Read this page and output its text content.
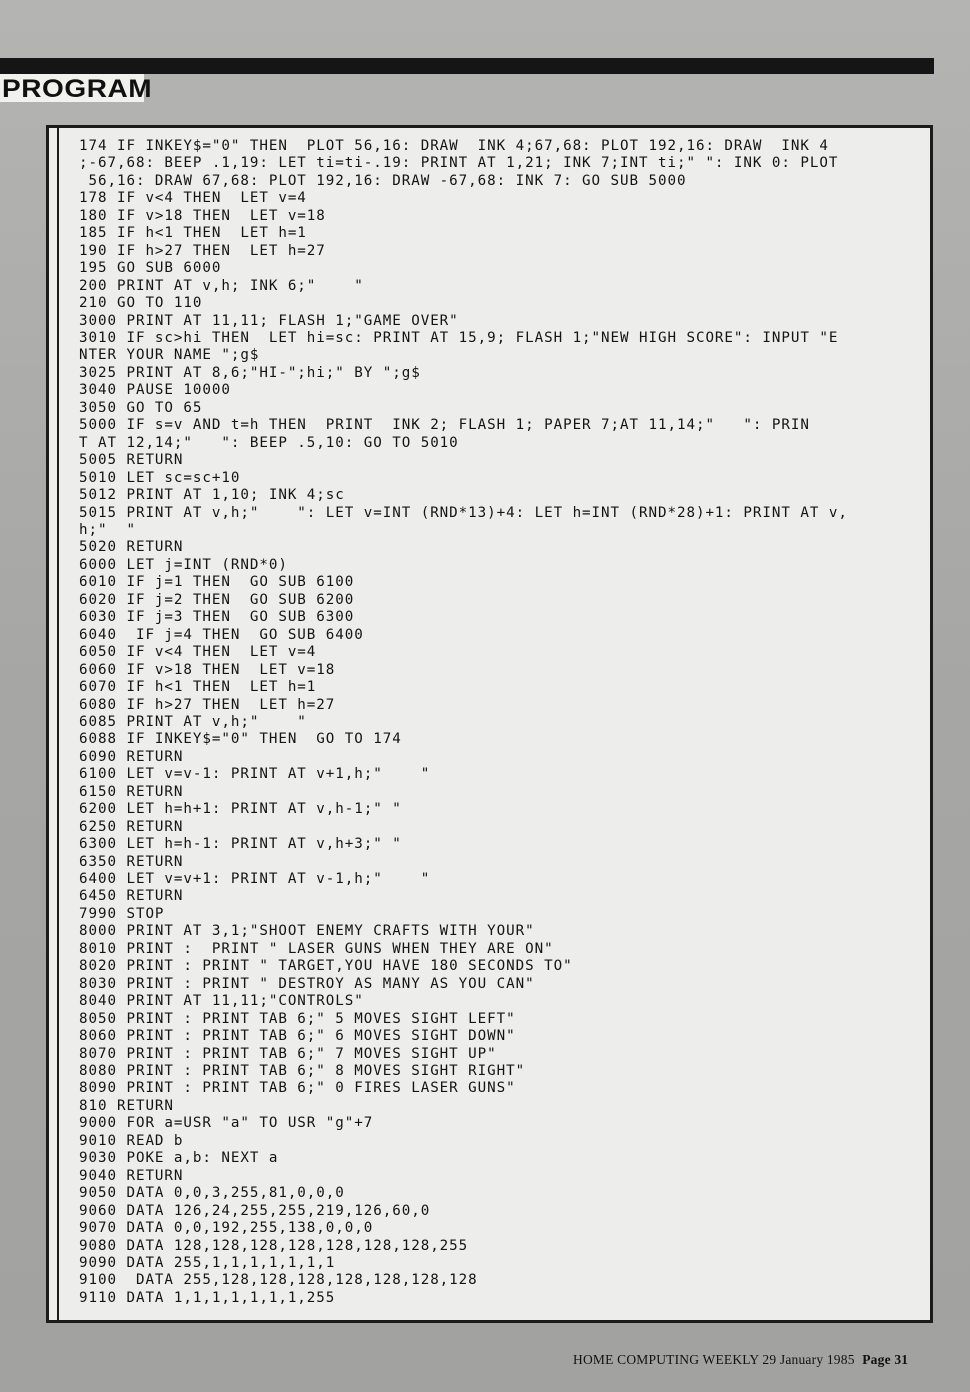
PROGRAM
174 IF INKEY$="0" THEN  PLOT 56,16: DRAW  INK 4;67,68: PLOT 192,16: DRAW  INK 4
;-67,68: BEEP .1,19: LET ti=ti-.19: PRINT AT 1,21; INK 7;INT ti;" ": INK 0: PLOT
56,16: DRAW 67,68: PLOT 192,16: DRAW -67,68: INK 7: GO SUB 5000
178 IF v<4 THEN  LET v=4
180 IF v>18 THEN  LET v=18
185 IF h<1 THEN  LET h=1
190 IF h>27 THEN  LET h=27
195 GO SUB 6000
200 PRINT AT v,h; INK 6;"    "
210 GO TO 110
3000 PRINT AT 11,11; FLASH 1;"GAME OVER"
3010 IF sc>hi THEN  LET hi=sc: PRINT AT 15,9; FLASH 1;"NEW HIGH SCORE": INPUT "E
NTER YOUR NAME ";g$
3025 PRINT AT 8,6;"HI-";hi;" BY ";g$
3040 PAUSE 10000
3050 GO TO 65
5000 IF s=v AND t=h THEN  PRINT  INK 2; FLASH 1; PAPER 7;AT 11,14;"   ": PRIN
T AT 12,14;"   ": BEEP .5,10: GO TO 5010
5005 RETURN
5010 LET sc=sc+10
5012 PRINT AT 1,10; INK 4;sc
5015 PRINT AT v,h;"    ": LET v=INT (RND*13)+4: LET h=INT (RND*28)+1: PRINT AT v,
h;"  "
5020 RETURN
6000 LET j=INT (RND*0)
6010 IF j=1 THEN  GO SUB 6100
6020 IF j=2 THEN  GO SUB 6200
6030 IF j=3 THEN  GO SUB 6300
6040  IF j=4 THEN  GO SUB 6400
6050 IF v<4 THEN  LET v=4
6060 IF v>18 THEN  LET v=18
6070 IF h<1 THEN  LET h=1
6080 IF h>27 THEN  LET h=27
6085 PRINT AT v,h;"    "
6088 IF INKEY$="0" THEN  GO TO 174
6090 RETURN
6100 LET v=v-1: PRINT AT v+1,h;"    "
6150 RETURN
6200 LET h=h+1: PRINT AT v,h-1;" "
6250 RETURN
6300 LET h=h-1: PRINT AT v,h+3;" "
6350 RETURN
6400 LET v=v+1: PRINT AT v-1,h;"    "
6450 RETURN
7990 STOP
8000 PRINT AT 3,1;"SHOOT ENEMY CRAFTS WITH YOUR"
8010 PRINT :  PRINT " LASER GUNS WHEN THEY ARE ON"
8020 PRINT : PRINT " TARGET,YOU HAVE 180 SECONDS TO"
8030 PRINT : PRINT " DESTROY AS MANY AS YOU CAN"
8040 PRINT AT 11,11;"CONTROLS"
8050 PRINT : PRINT TAB 6;" 5 MOVES SIGHT LEFT"
8060 PRINT : PRINT TAB 6;" 6 MOVES SIGHT DOWN"
8070 PRINT : PRINT TAB 6;" 7 MOVES SIGHT UP"
8080 PRINT : PRINT TAB 6;" 8 MOVES SIGHT RIGHT"
8090 PRINT : PRINT TAB 6;" 0 FIRES LASER GUNS"
810 RETURN
9000 FOR a=USR "a" TO USR "g"+7
9010 READ b
9030 POKE a,b: NEXT a
9040 RETURN
9050 DATA 0,0,3,255,81,0,0,0
9060 DATA 126,24,255,255,219,126,60,0
9070 DATA 0,0,192,255,138,0,0,0
9080 DATA 128,128,128,128,128,128,128,255
9090 DATA 255,1,1,1,1,1,1,1
9100  DATA 255,128,128,128,128,128,128,128
9110 DATA 1,1,1,1,1,1,1,255
HOME COMPUTING WEEKLY 29 January 1985 Page 31
